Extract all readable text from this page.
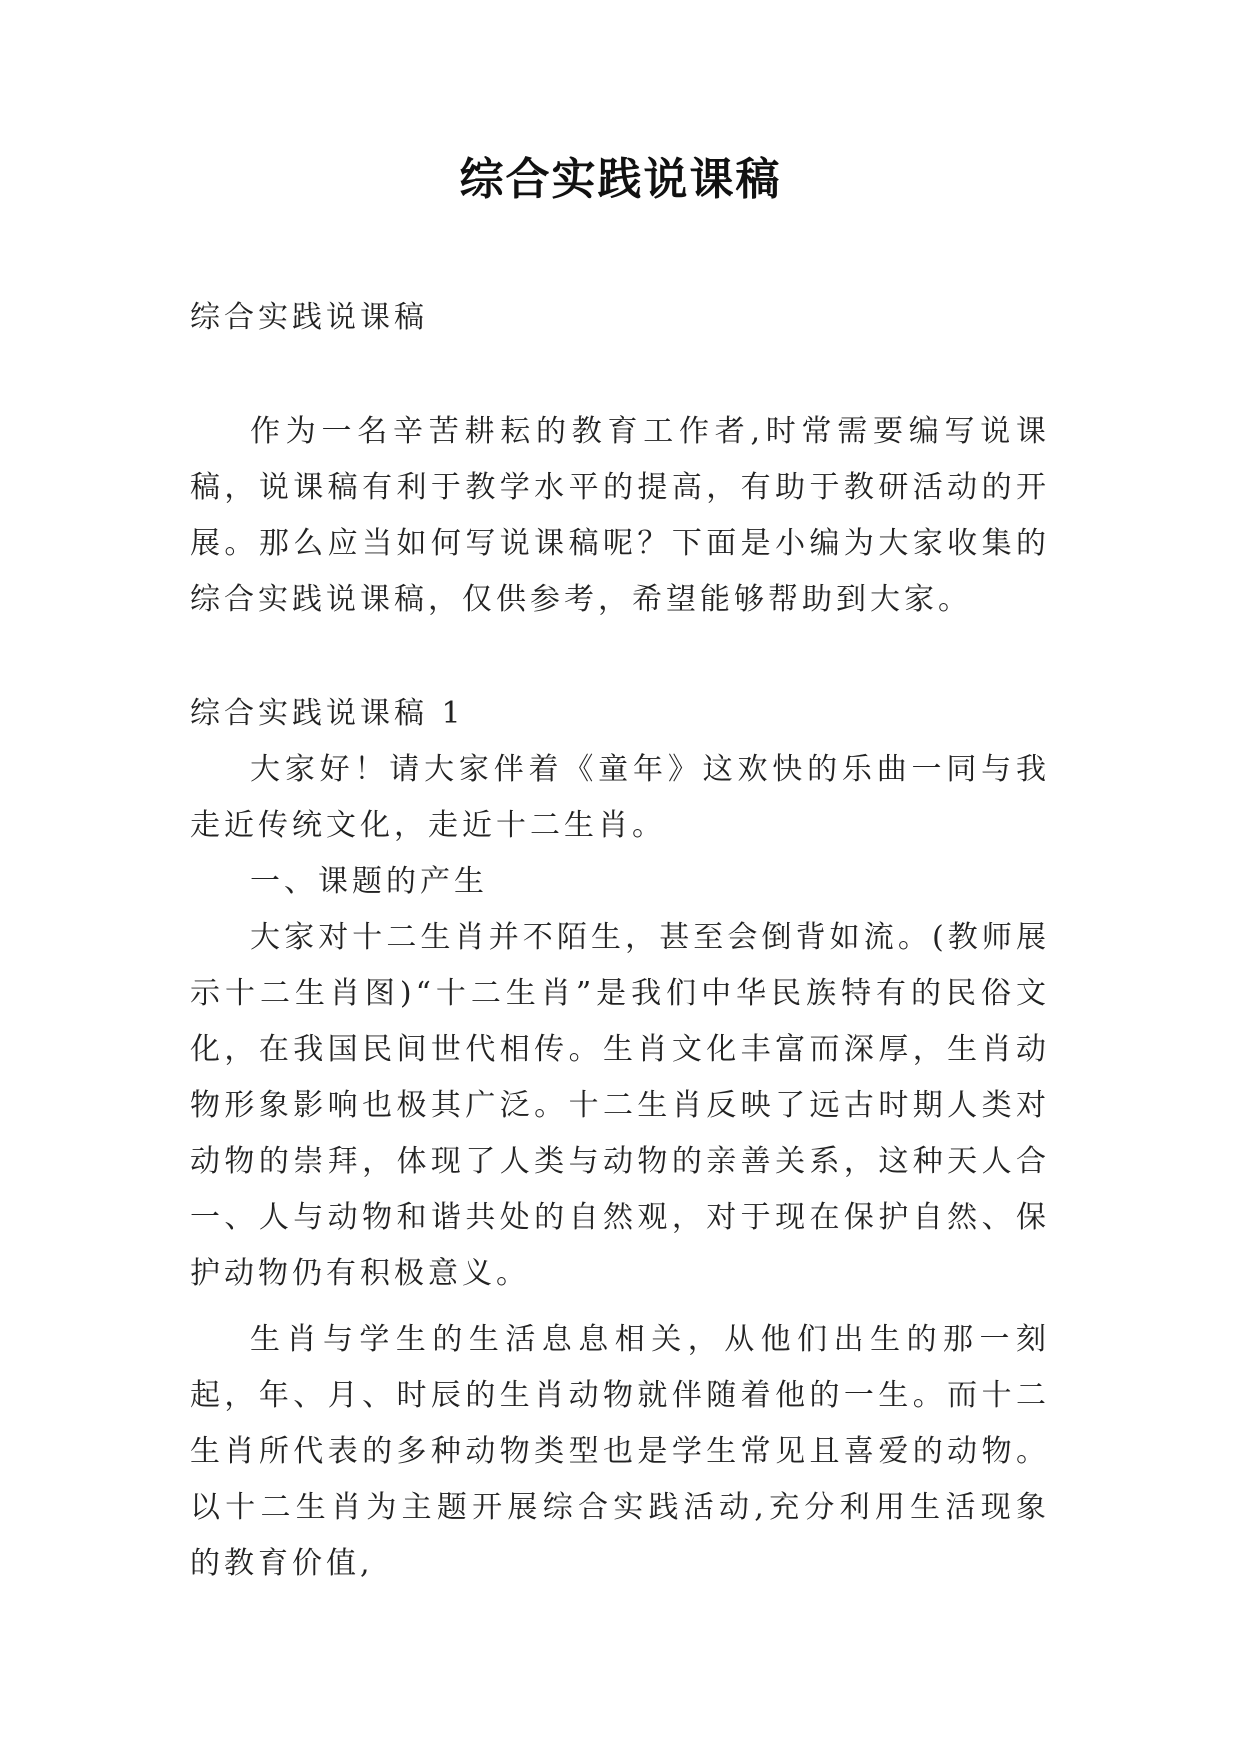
综合实践说课稿

综合实践说课稿

作为一名辛苦耕耘的教育工作者,时常需要编写说课稿，说课稿有利于教学水平的提高，有助于教研活动的开展。那么应当如何写说课稿呢？下面是小编为大家收集的综合实践说课稿，仅供参考，希望能够帮助到大家。

综合实践说课稿 1

大家好！请大家伴着《童年》这欢快的乐曲一同与我走近传统文化，走近十二生肖。

一、课题的产生

大家对十二生肖并不陌生，甚至会倒背如流。(教师展示十二生肖图)“十二生肖”是我们中华民族特有的民俗文化，在我国民间世代相传。生肖文化丰富而深厚，生肖动物形象影响也极其广泛。十二生肖反映了远古时期人类对动物的崇拜，体现了人类与动物的亲善关系，这种天人合一、人与动物和谐共处的自然观，对于现在保护自然、保护动物仍有积极意义。

生肖与学生的生活息息相关，从他们出生的那一刻起，年、月、时辰的生肖动物就伴随着他的一生。而十二生肖所代表的多种动物类型也是学生常见且喜爱的动物。以十二生肖为主题开展综合实践活动,充分利用生活现象的教育价值,
